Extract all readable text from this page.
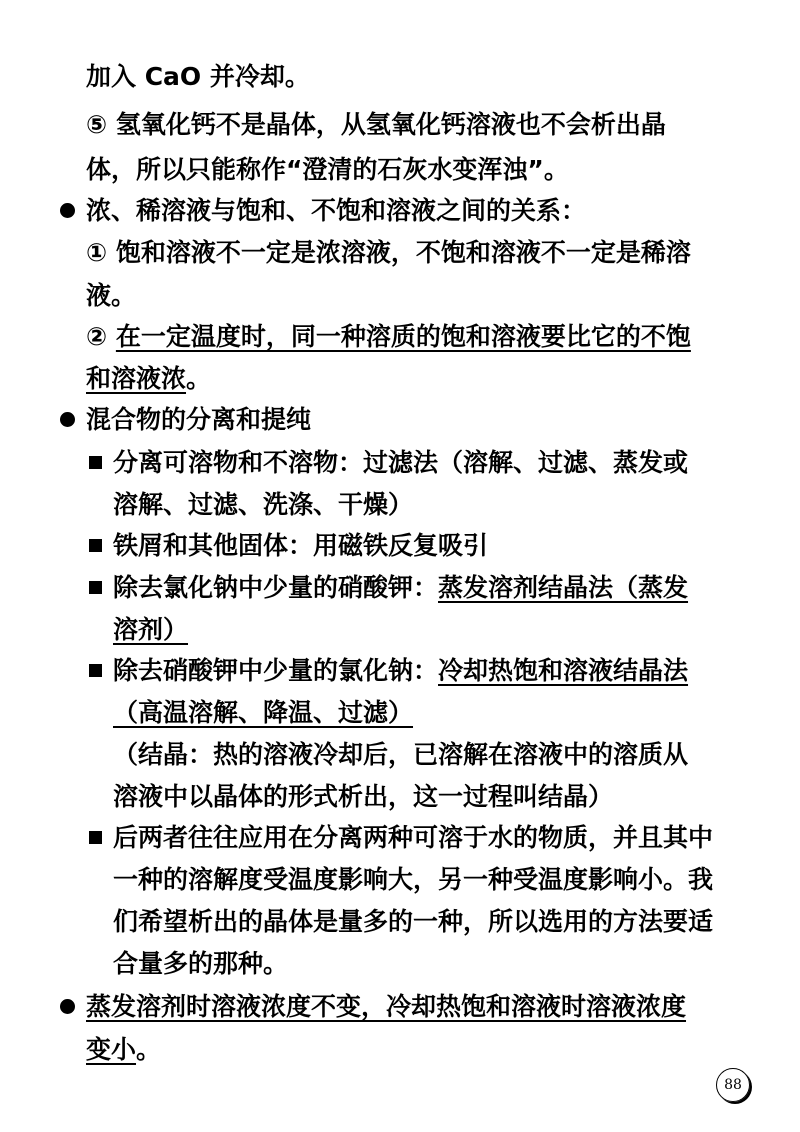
加入 CaO 并冷却。

⑤ 氢氧化钙不是晶体，从氢氧化钙溶液也不会析出晶

体，所以只能称作“澄清的石灰水变浑浊”。

浓、稀溶液与饱和、不饱和溶液之间的关系：

① 饱和溶液不一定是浓溶液，不饱和溶液不一定是稀溶

液。

② 在一定温度时，同一种溶质的饱和溶液要比它的不饱

和溶液浓。

混合物的分离和提纯

分离可溶物和不溶物：过滤法（溶解、过滤、蒸发或

溶解、过滤、洗涤、干燥）

铁屑和其他固体：用磁铁反复吸引

除去氯化钠中少量的硝酸钾：蒸发溶剂结晶法（蒸发

溶剂）

除去硝酸钾中少量的氯化钠：冷却热饱和溶液结晶法

（高温溶解、降温、过滤）

（结晶：热的溶液冷却后，已溶解在溶液中的溶质从

溶液中以晶体的形式析出，这一过程叫结晶）

后两者往往应用在分离两种可溶于水的物质，并且其中

一种的溶解度受温度影响大，另一种受温度影响小。我

们希望析出的晶体是量多的一种，所以选用的方法要适

合量多的那种。

蒸发溶剂时溶液浓度不变，冷却热饱和溶液时溶液浓度

变小。

88
